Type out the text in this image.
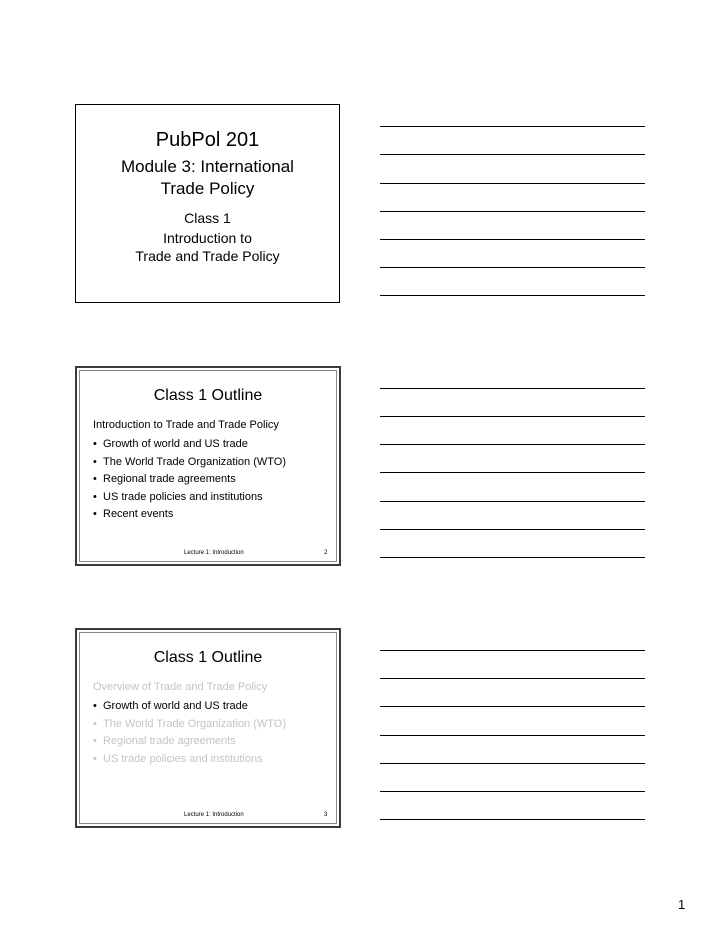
PubPol 201
Module 3: International
Trade Policy
Class 1
Introduction to
Trade and Trade Policy
Class 1 Outline
Introduction to Trade and Trade Policy
• Growth of world and US trade
• The World Trade Organization (WTO)
• Regional trade agreements
• US trade policies and institutions
• Recent events
Lecture 1: Introduction	2
Class 1 Outline
Overview of Trade and Trade Policy
• Growth of world and US trade
• The World Trade Organization (WTO)
• Regional trade agreements
• US trade policies and institutions
Lecture 1: Introduction	3
1
